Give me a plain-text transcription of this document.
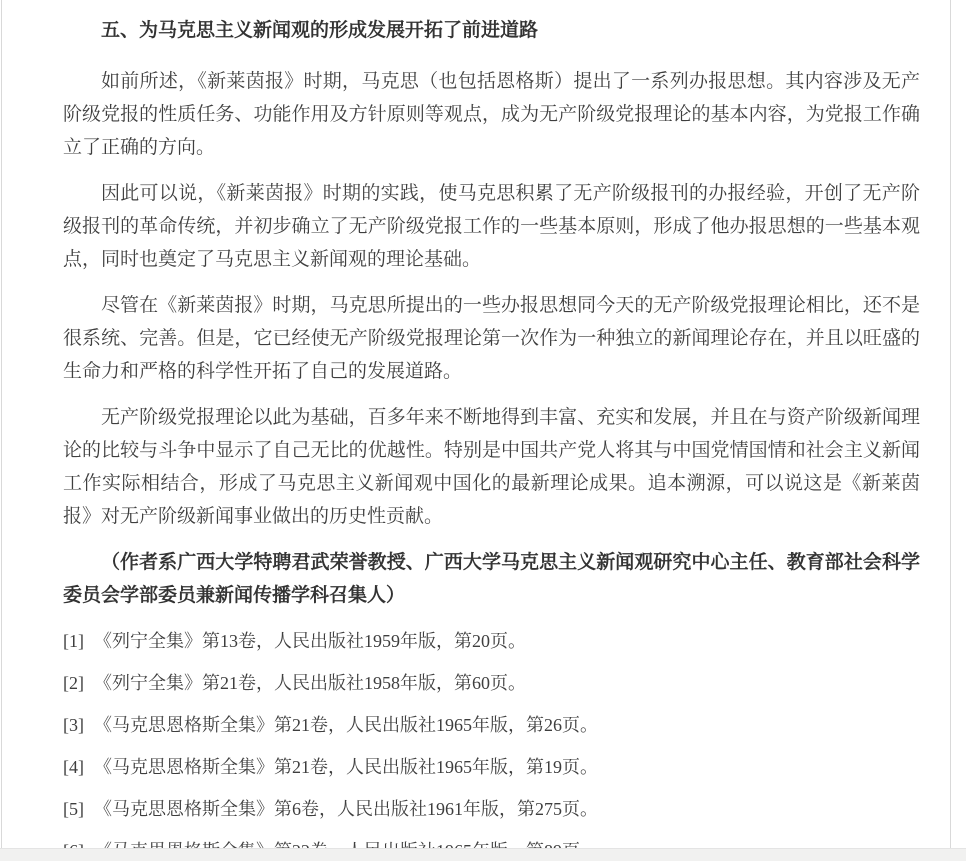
五、为马克思主义新闻观的形成发展开拓了前进道路

如前所述，《新莱茵报》时期，马克思（也包括恩格斯）提出了一系列办报思想。其内容涉及无产阶级党报的性质任务、功能作用及方针原则等观点，成为无产阶级党报理论的基本内容，为党报工作确立了正确的方向。

因此可以说，《新莱茵报》时期的实践，使马克思积累了无产阶级报刊的办报经验，开创了无产阶级报刊的革命传统，并初步确立了无产阶级党报工作的一些基本原则，形成了他办报思想的一些基本观点，同时也奠定了马克思主义新闻观的理论基础。

尽管在《新莱茵报》时期，马克思所提出的一些办报思想同今天的无产阶级党报理论相比，还不是很系统、完善。但是，它已经使无产阶级党报理论第一次作为一种独立的新闻理论存在，并且以旺盛的生命力和严格的科学性开拓了自己的发展道路。

无产阶级党报理论以此为基础，百多年来不断地得到丰富、充实和发展，并且在与资产阶级新闻理论的比较与斗争中显示了自己无比的优越性。特别是中国共产党人将其与中国党情国情和社会主义新闻工作实际相结合，形成了马克思主义新闻观中国化的最新理论成果。追本溯源，可以说这是《新莱茵报》对无产阶级新闻事业做出的历史性贡献。

（作者系广西大学特聘君武荣誉教授、广西大学马克思主义新闻观研究中心主任、教育部社会科学委员会学部委员兼新闻传播学科召集人）

[1] 《列宁全集》第13卷，人民出版社1959年版，第20页。

[2] 《列宁全集》第21卷，人民出版社1958年版，第60页。

[3] 《马克思恩格斯全集》第21卷，人民出版社1965年版，第26页。

[4] 《马克思恩格斯全集》第21卷，人民出版社1965年版，第19页。

[5] 《马克思恩格斯全集》第6卷，人民出版社1961年版，第275页。
